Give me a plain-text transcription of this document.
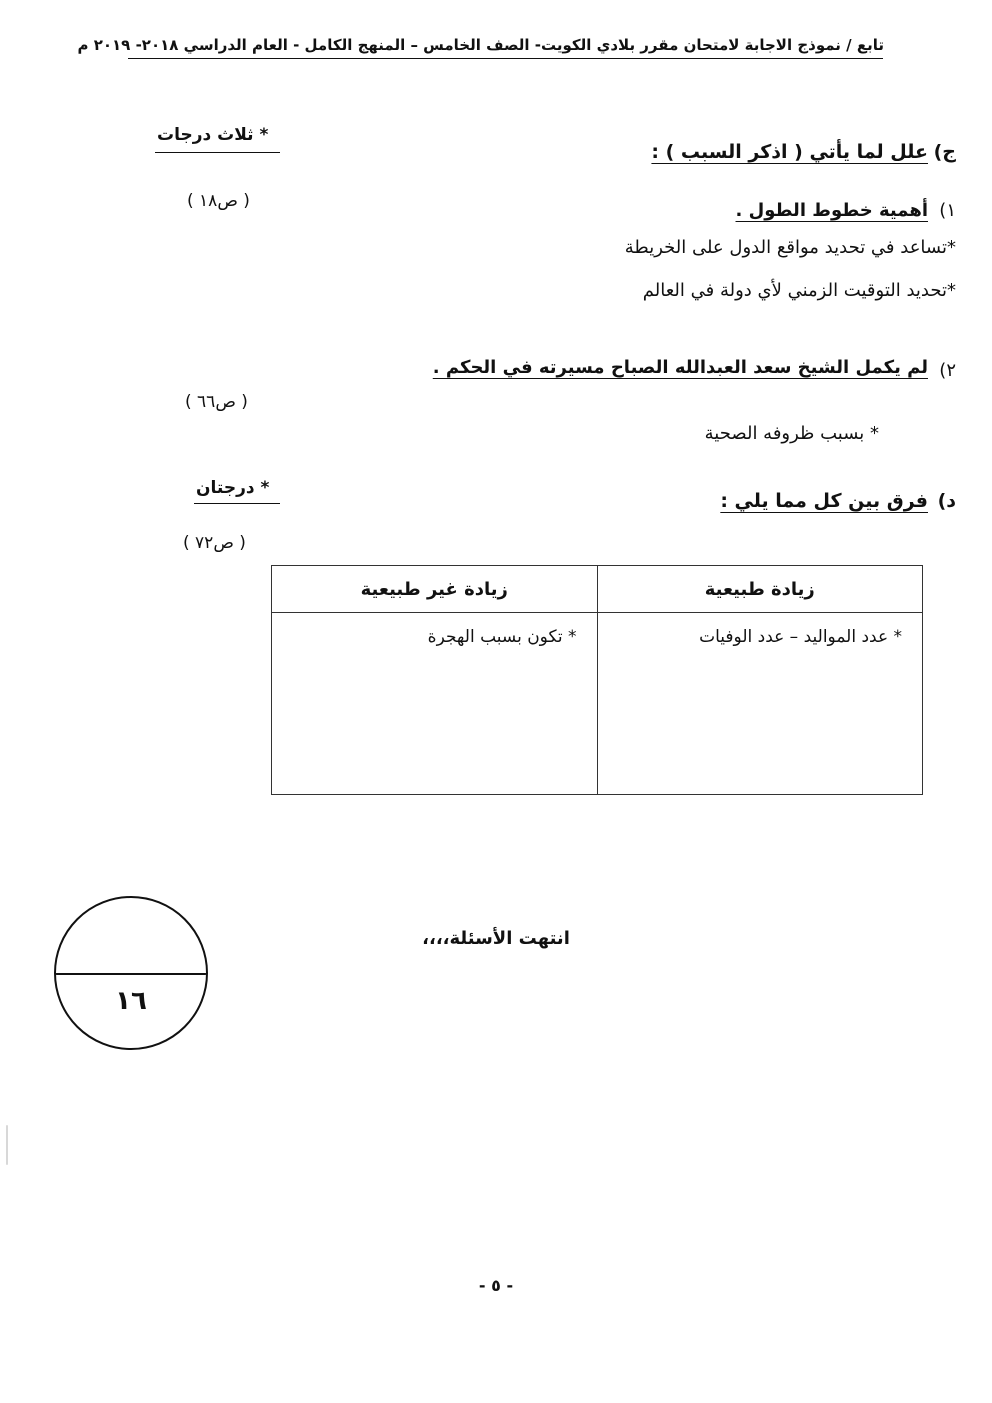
تابع / نموذج الاجابة لامتحان مقرر بلادي الكويت- الصف الخامس – المنهج الكامل - العام الدراسي ٢٠١٨- ٢٠١٩ م
ج)
علل لما يأتي ( اذكر السبب ) :
* ثلاث درجات
١)
أهمية خطوط الطول .
( ص١٨ )
*تساعد في تحديد مواقع الدول على الخريطة
*تحديد التوقيت الزمني لأي دولة في العالم
٢)
لم يكمل الشيخ سعد العبدالله الصباح مسيرته في الحكم .
( ص٦٦ )
* بسبب ظروفه الصحية
د)
فرق بين كل مما يلي :
* درجتان
( ص٧٢ )
زيادة طبيعية	زيادة غير طبيعية
* عدد المواليد – عدد الوفيات	* تكون بسبب الهجرة
١٦
انتهت الأسئلة،،،،
- ٥ -
